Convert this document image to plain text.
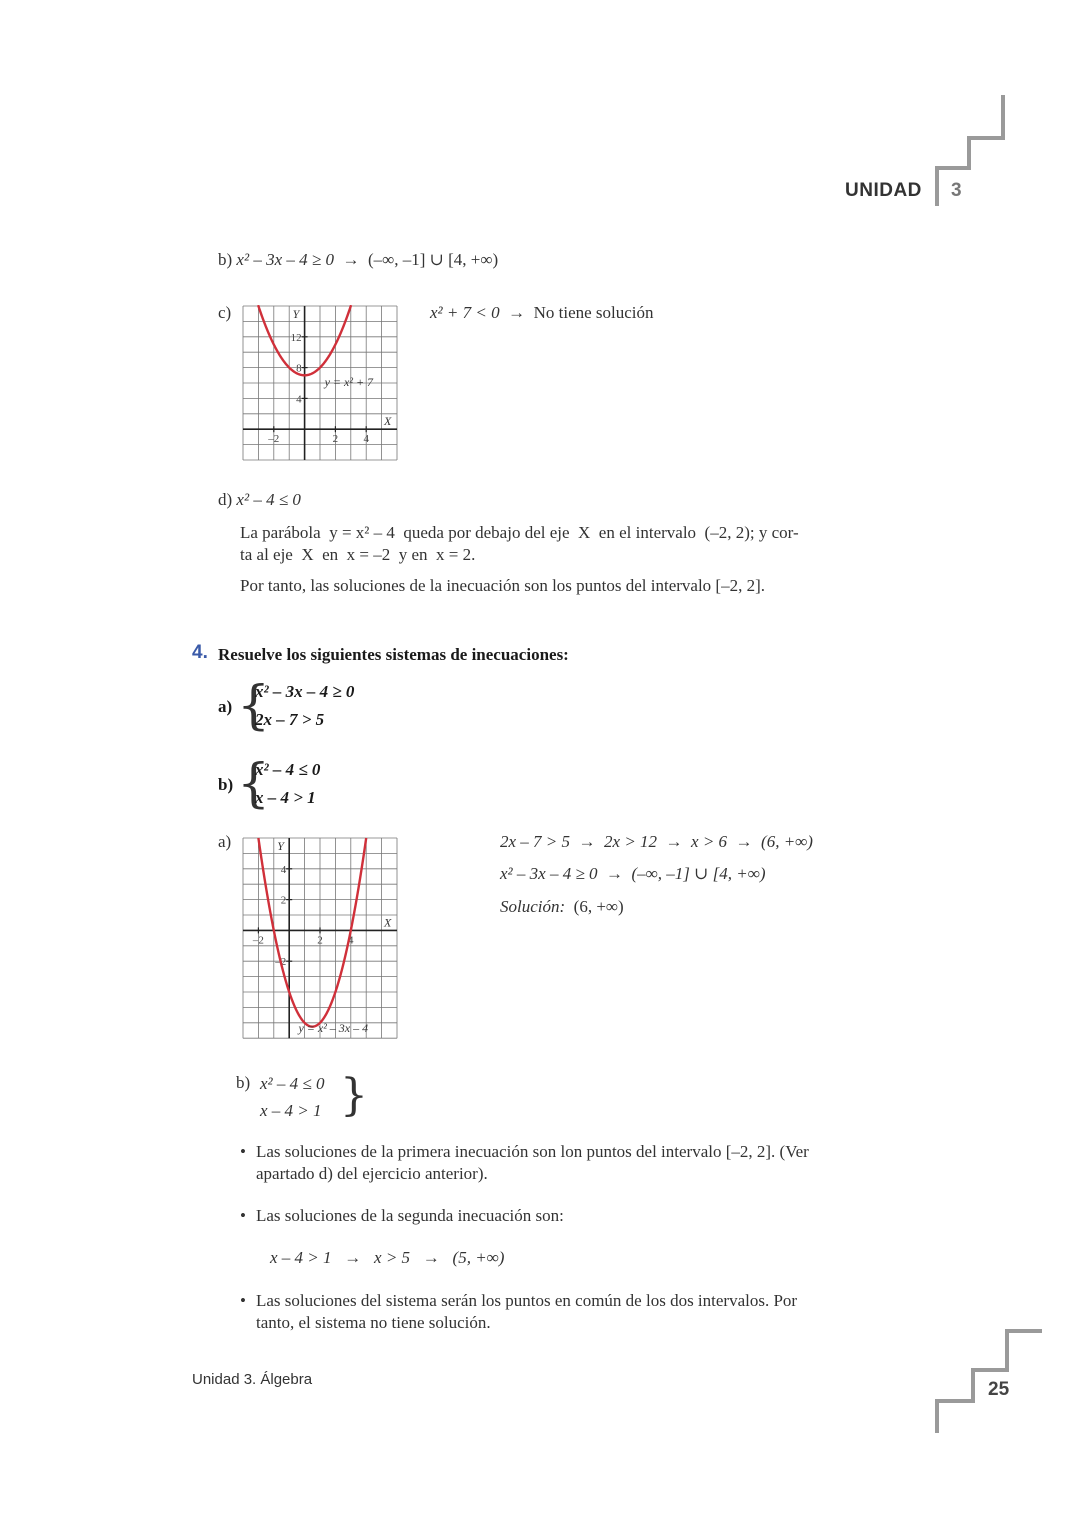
UNIDAD 3
b) x² – 3x – 4 ≥ 0 → (–∞, –1] ∪ [4, +∞)
c)	Y
X
12
8
4
–2	2 4
y = x² + 7
x² + 7 < 0 → No tiene solución
d) x² – 4 ≤ 0
La parábola  y = x² – 4  queda por debajo del eje  X  en el intervalo  (–2, 2); y cor-
ta al eje  X  en  x = –2  y en  x = 2.
Por tanto, las soluciones de la inecuación son los puntos del intervalo [–2, 2].
4. Resuelve los siguientes sistemas de inecuaciones:
a) {
x² – 3x – 4 ≥ 0
2x – 7 > 5
b) {
x² – 4 ≤ 0
x – 4 > 1
a)	Y
X
4
2
–2
–2	2 4
y = x² – 3x – 4
2x – 7 > 5  →  2x > 12  →  x > 6  →  (6, +∞)
x² – 3x – 4 ≥ 0  →  (–∞, –1] ∪ [4, +∞)
Solución: (6, +∞)
b) x² – 4 ≤ 0
x – 4 > 1 }
• Las soluciones de la primera inecuación son lon puntos del intervalo [–2, 2]. (Ver
apartado d) del ejercicio anterior).
• Las soluciones de la segunda inecuación son:
x – 4 > 1   →   x > 5   →   (5, +∞)
• Las soluciones del sistema serán los puntos en común de los dos intervalos. Por
tanto, el sistema no tiene solución.
Unidad 3. Álgebra	25
